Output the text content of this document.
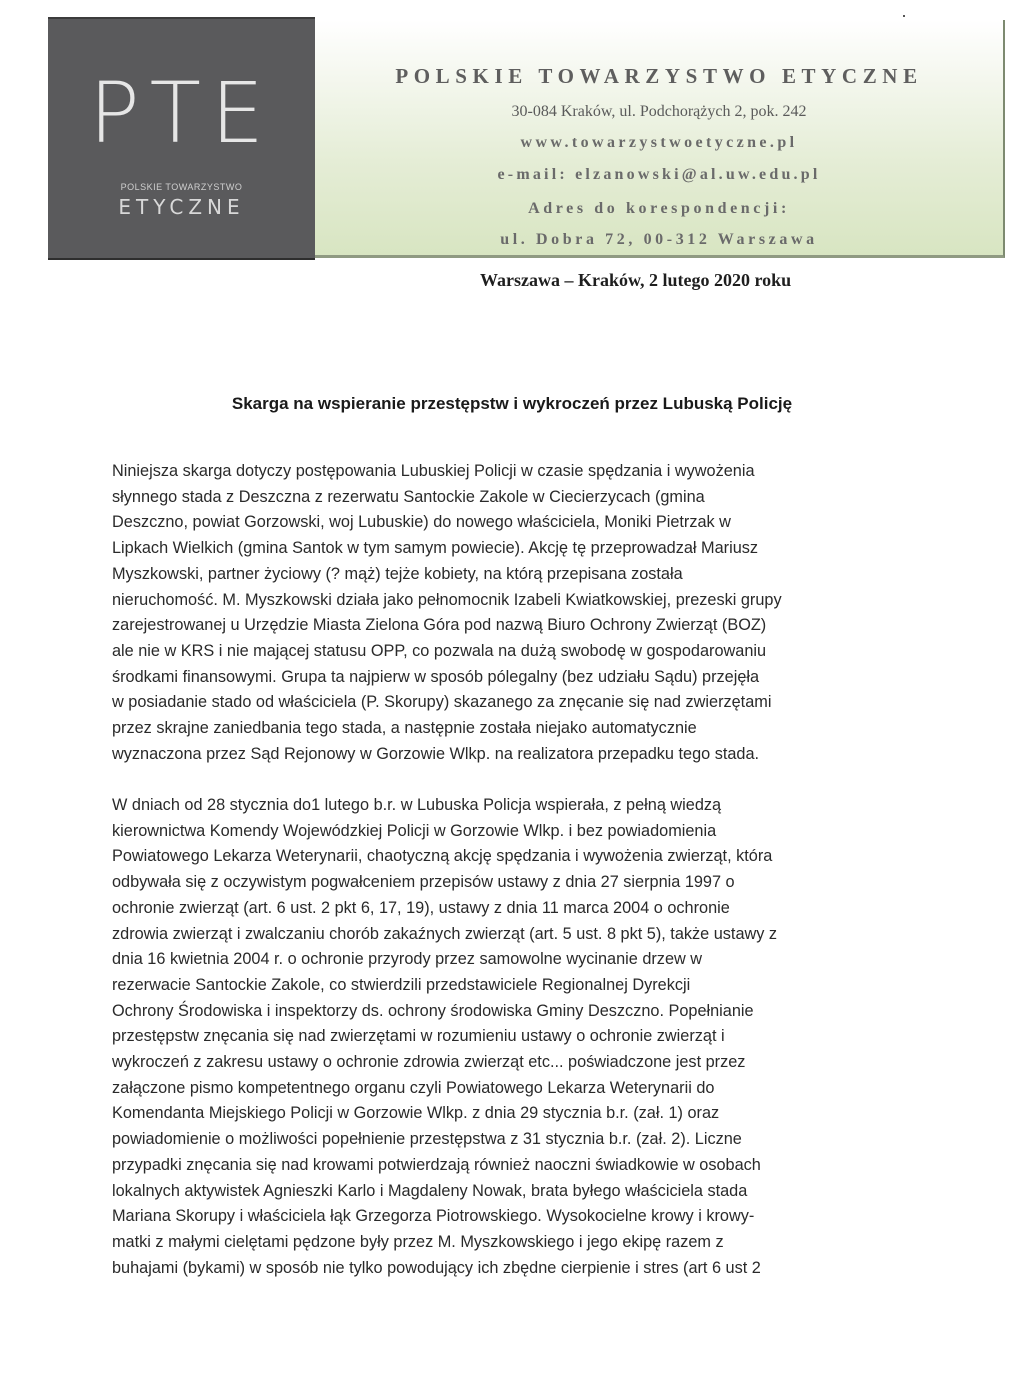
PTE
POLSKIE TOWARZYSTWO
ETYCZNE
POLSKIE TOWARZYSTWO ETYCZNE
30-084 Kraków, ul. Podchorążych 2, pok. 242
www.towarzystwoetyczne.pl
e-mail: elzanowski@al.uw.edu.pl
Adres do korespondencji:
ul. Dobra 72, 00-312 Warszawa
Warszawa – Kraków, 2 lutego 2020 roku
Skarga na wspieranie przestępstw i wykroczeń przez Lubuską Policję
Niniejsza skarga dotyczy postępowania Lubuskiej Policji w czasie spędzania i wywożenia
słynnego stada z Deszczna z rezerwatu Santockie Zakole w Ciecierzycach (gmina
Deszczno, powiat Gorzowski, woj Lubuskie) do nowego właściciela, Moniki Pietrzak w
Lipkach Wielkich (gmina Santok w tym samym powiecie). Akcję tę przeprowadzał Mariusz
Myszkowski, partner życiowy (? mąż) tejże kobiety, na którą przepisana została
nieruchomość. M. Myszkowski działa jako pełnomocnik Izabeli Kwiatkowskiej, prezeski grupy
zarejestrowanej u Urzędzie Miasta Zielona Góra pod nazwą Biuro Ochrony Zwierząt (BOZ)
ale nie w KRS i nie mającej statusu OPP, co pozwala na dużą swobodę w gospodarowaniu
środkami finansowymi. Grupa ta najpierw w sposób pólegalny (bez udziału Sądu) przejęła
w posiadanie stado od właściciela (P. Skorupy) skazanego za znęcanie się nad zwierzętami
przez skrajne zaniedbania tego stada, a następnie została niejako automatycznie
wyznaczona przez Sąd Rejonowy w Gorzowie Wlkp. na realizatora przepadku tego stada.
W dniach od 28 stycznia do1 lutego b.r. w Lubuska Policja wspierała, z pełną wiedzą
kierownictwa Komendy Wojewódzkiej Policji w Gorzowie Wlkp. i bez powiadomienia
Powiatowego Lekarza Weterynarii, chaotyczną akcję spędzania i wywożenia zwierząt, która
odbywała się z oczywistym pogwałceniem przepisów ustawy z dnia 27 sierpnia 1997 o
ochronie zwierząt (art. 6 ust. 2 pkt 6, 17, 19), ustawy z dnia 11 marca 2004 o ochronie
zdrowia zwierząt i zwalczaniu chorób zakaźnych zwierząt (art. 5 ust. 8 pkt 5), także ustawy z
dnia 16 kwietnia 2004 r. o ochronie przyrody przez samowolne wycinanie drzew w
rezerwacie Santockie Zakole, co stwierdzili przedstawiciele Regionalnej Dyrekcji
Ochrony Środowiska i inspektorzy ds. ochrony środowiska Gminy Deszczno. Popełnianie
przestępstw znęcania się nad zwierzętami w rozumieniu ustawy o ochronie zwierząt i
wykroczeń z zakresu ustawy o ochronie zdrowia zwierząt etc... poświadczone jest przez
załączone pismo kompetentnego organu czyli Powiatowego Lekarza Weterynarii do
Komendanta Miejskiego Policji w Gorzowie Wlkp. z dnia 29 stycznia b.r. (zał. 1) oraz
powiadomienie o możliwości popełnienie przestępstwa z 31 stycznia b.r. (zał. 2). Liczne
przypadki znęcania się nad krowami potwierdzają również naoczni świadkowie w osobach
lokalnych aktywistek Agnieszki Karlo i Magdaleny Nowak, brata byłego właściciela stada
Mariana Skorupy i właściciela łąk Grzegorza Piotrowskiego. Wysokocielne krowy i krowy-
matki z małymi cielętami pędzone były przez M. Myszkowskiego i jego ekipę razem z
buhajami (bykami) w sposób nie tylko powodujący ich zbędne cierpienie i stres (art 6 ust 2
